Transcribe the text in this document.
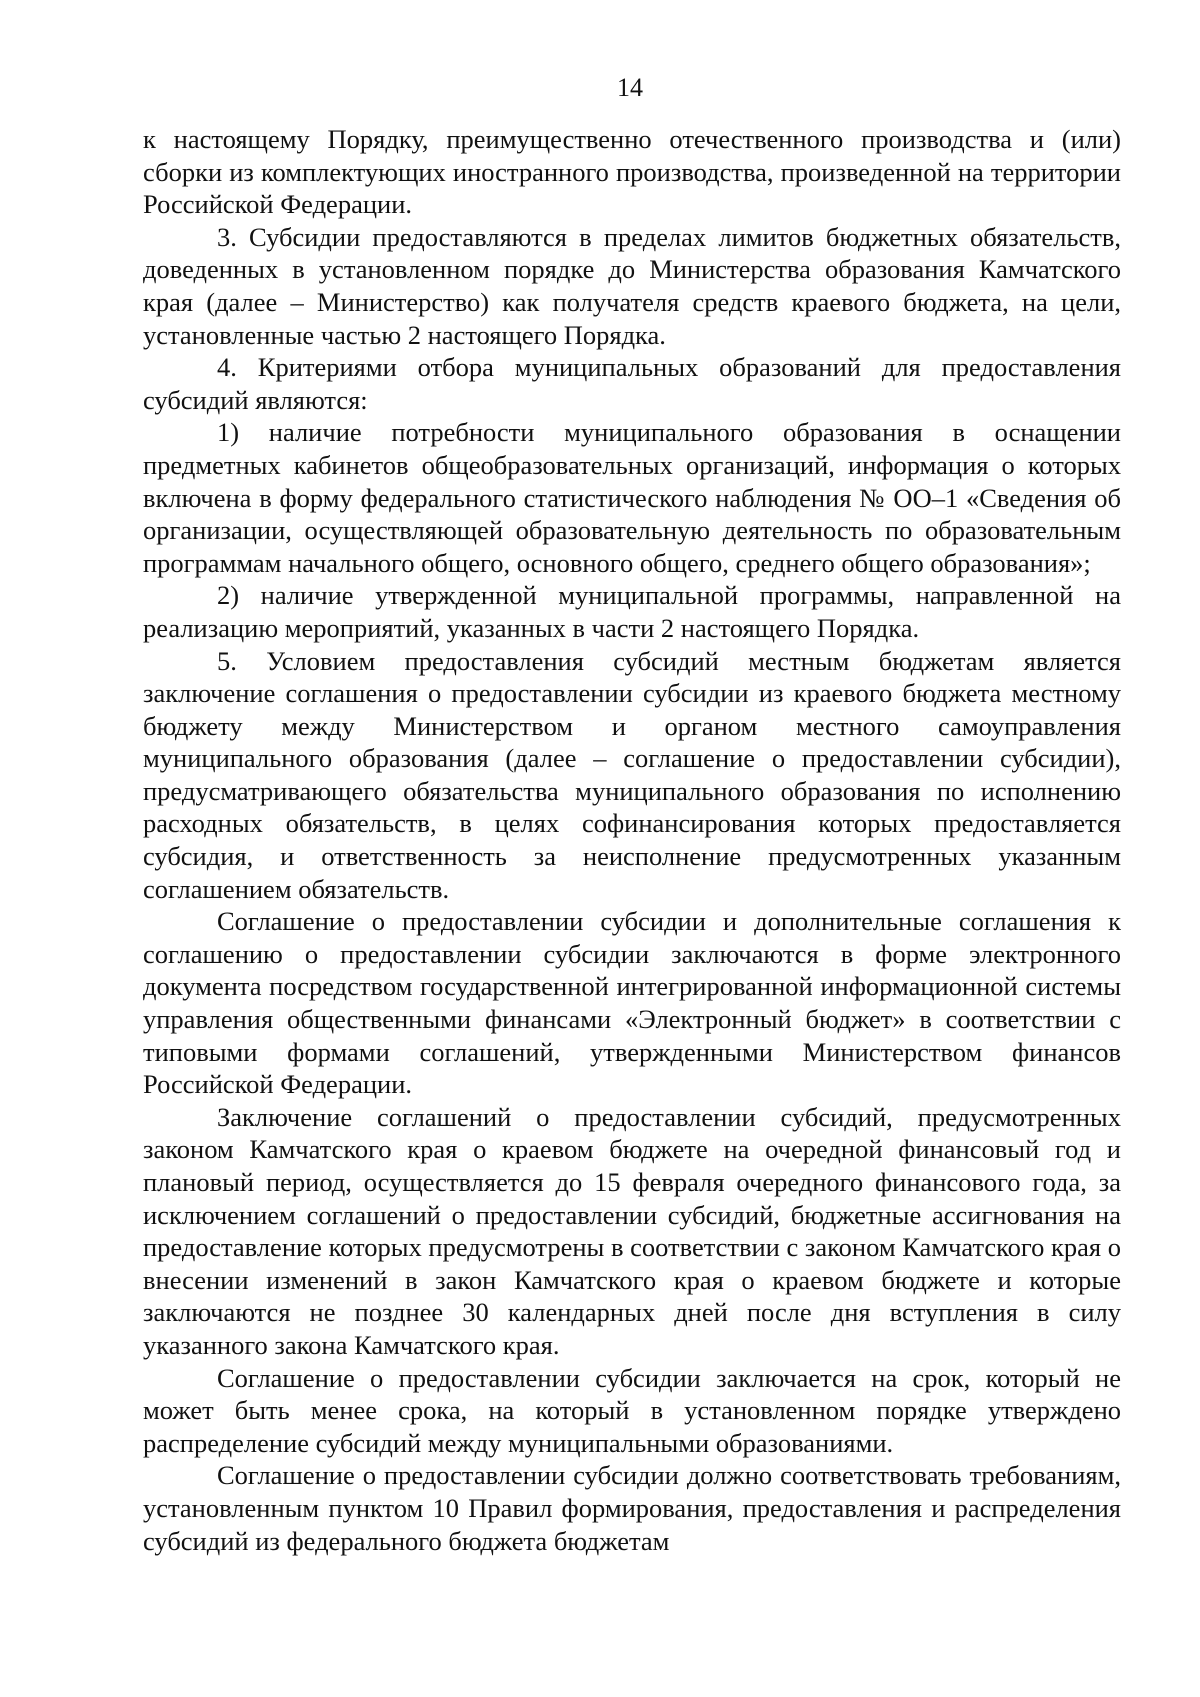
14

к настоящему Порядку, преимущественно отечественного производства и (или) сборки из комплектующих иностранного производства, произведенной на территории Российской Федерации.

3. Субсидии предоставляются в пределах лимитов бюджетных обязательств, доведенных в установленном порядке до Министерства образования Камчатского края (далее – Министерство) как получателя средств краевого бюджета, на цели, установленные частью 2 настоящего Порядка.

4. Критериями отбора муниципальных образований для предоставления субсидий являются:

1) наличие потребности муниципального образования в оснащении предметных кабинетов общеобразовательных организаций, информация о которых включена в форму федерального статистического наблюдения № ОО–1 «Сведения об организации, осуществляющей образовательную деятельность по образовательным программам начального общего, основного общего, среднего общего образования»;

2) наличие утвержденной муниципальной программы, направленной на реализацию мероприятий, указанных в части 2 настоящего Порядка.

5. Условием предоставления субсидий местным бюджетам является заключение соглашения о предоставлении субсидии из краевого бюджета местному бюджету между Министерством и органом местного самоуправления муниципального образования (далее – соглашение о предоставлении субсидии), предусматривающего обязательства муниципального образования по исполнению расходных обязательств, в целях софинансирования которых предоставляется субсидия, и ответственность за неисполнение предусмотренных указанным соглашением обязательств.

Соглашение о предоставлении субсидии и дополнительные соглашения к соглашению о предоставлении субсидии заключаются в форме электронного документа посредством государственной интегрированной информационной системы управления общественными финансами «Электронный бюджет» в соответствии с типовыми формами соглашений, утвержденными Министерством финансов Российской Федерации.

Заключение соглашений о предоставлении субсидий, предусмотренных законом Камчатского края о краевом бюджете на очередной финансовый год и плановый период, осуществляется до 15 февраля очередного финансового года, за исключением соглашений о предоставлении субсидий, бюджетные ассигнования на предоставление которых предусмотрены в соответствии с законом Камчатского края о внесении изменений в закон Камчатского края о краевом бюджете и которые заключаются не позднее 30 календарных дней после дня вступления в силу указанного закона Камчатского края.

Соглашение о предоставлении субсидии заключается на срок, который не может быть менее срока, на который в установленном порядке утверждено распределение субсидий между муниципальными образованиями.

Соглашение о предоставлении субсидии должно соответствовать требованиям, установленным пунктом 10 Правил формирования, предоставления и распределения субсидий из федерального бюджета бюджетам
